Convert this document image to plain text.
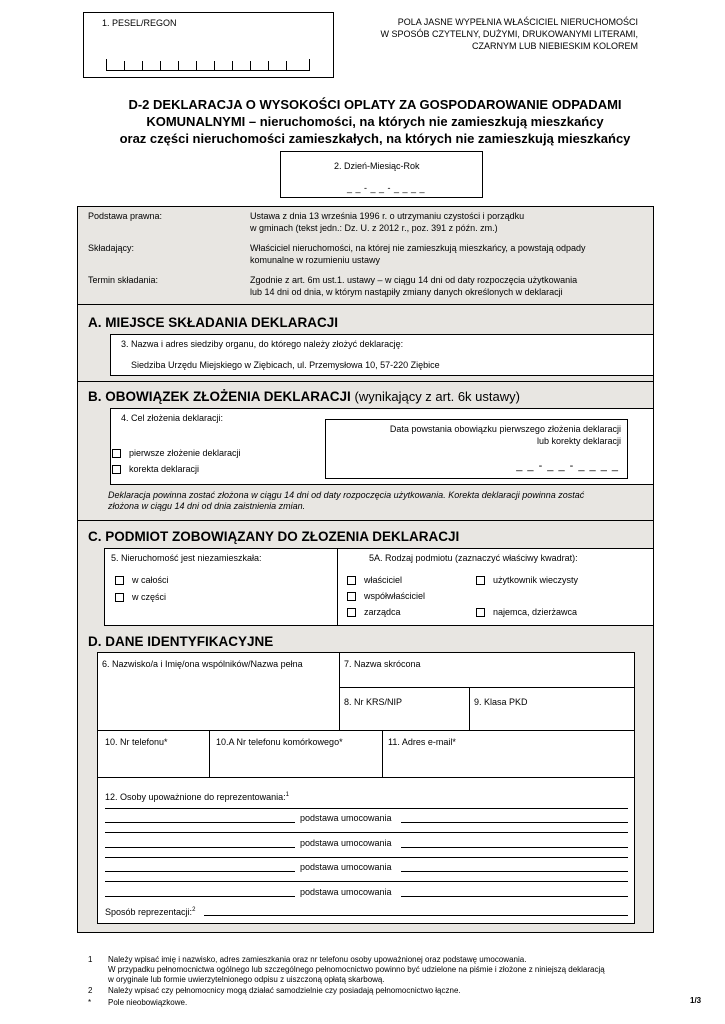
1. PESEL/REGON	POLA JASNE WYPEŁNIA WŁAŚCICIEL NIERUCHOMOŚCI
W SPOSÓB CZYTELNY, DUŻYMI, DRUKOWANYMI LITERAMI,
CZARNYM LUB NIEBIESKIM KOLOREM
D-2 DEKLARACJA O WYSOKOŚCI OPLATY ZA GOSPODAROWANIE ODPADAMI
KOMUNALNYMI – nieruchomości, na których nie zamieszkują mieszkańcy
oraz części nieruchomości zamieszkałych, na których nie zamieszkują mieszkańcy
2. Dzień-Miesiąc-Rok
_ _ - _ _ - _ _ _ _
Podstawa prawna:	Ustawa z dnia 13 września 1996 r. o utrzymaniu czystości i porządku
w gminach (tekst jedn.: Dz. U. z 2012 r., poz. 391 z późn. zm.)
Składający:	Właściciel nieruchomości, na której nie zamieszkują mieszkańcy, a powstają odpady
komunalne w rozumieniu ustawy
Termin składania:	Zgodnie z art. 6m ust.1. ustawy – w ciągu 14 dni od daty rozpoczęcia użytkowania
lub 14 dni od dnia, w którym nastąpiły zmiany danych określonych w deklaracji
A. MIEJSCE SKŁADANIA DEKLARACJI
3. Nazwa i adres siedziby organu, do którego należy złożyć deklarację:
Siedziba Urzędu Miejskiego w Ziębicach, ul. Przemysłowa 10, 57-220 Ziębice
B. OBOWIĄZEK ZŁOŻENIA DEKLARACJI (wynikający z art. 6k ustawy)
4. Cel złożenia deklaracji:
pierwsze złożenie deklaracji
korekta deklaracji
Data powstania obowiązku pierwszego złożenia deklaracji
lub korekty deklaracji
_ _ - _ _ - _ _ _ _
Deklaracja powinna zostać złożona w ciągu 14 dni od daty rozpoczęcia użytkowania. Korekta deklaracji powinna zostać
złożona w ciągu 14 dni od dnia zaistnienia zmian.
C. PODMIOT ZOBOWIĄZANY DO ZŁOZENIA DEKLARACJI
5. Nieruchomość jest niezamieszkała:
w całości
w części
5A. Rodzaj podmiotu (zaznaczyć właściwy kwadrat):
właściciel
współwłaściciel
zarządca
użytkownik wieczysty
najemca, dzierżawca
D. DANE IDENTYFIKACYJNE
6. Nazwisko/a i Imię/ona wspólników/Nazwa pełna	7. Nazwa skrócona
8. Nr KRS/NIP	9. Klasa PKD
10. Nr telefonu*	10.A Nr telefonu komórkowego*	11. Adres e-mail*
12. Osoby upoważnione do reprezentowania:$^1$
podstawa umocowania
podstawa umocowania
podstawa umocowania
podstawa umocowania
Sposób reprezentacji:$^2$
1 Należy wpisać imię i nazwisko, adres zamieszkania oraz nr telefonu osoby upoważnionej oraz podstawę umocowania.
W przypadku pełnomocnictwa ogólnego lub szczególnego pełnomocnictwo powinno być udzielone na piśmie i złożone z niniejszą deklaracją
w oryginale lub formie uwierzytelnionego odpisu z uiszczoną opłatą skarbową.
2 Należy wpisać czy pełnomocnicy mogą działać samodzielnie czy posiadają pełnomocnictwo łączne.
* Pole nieobowiązkowe.	1/3
